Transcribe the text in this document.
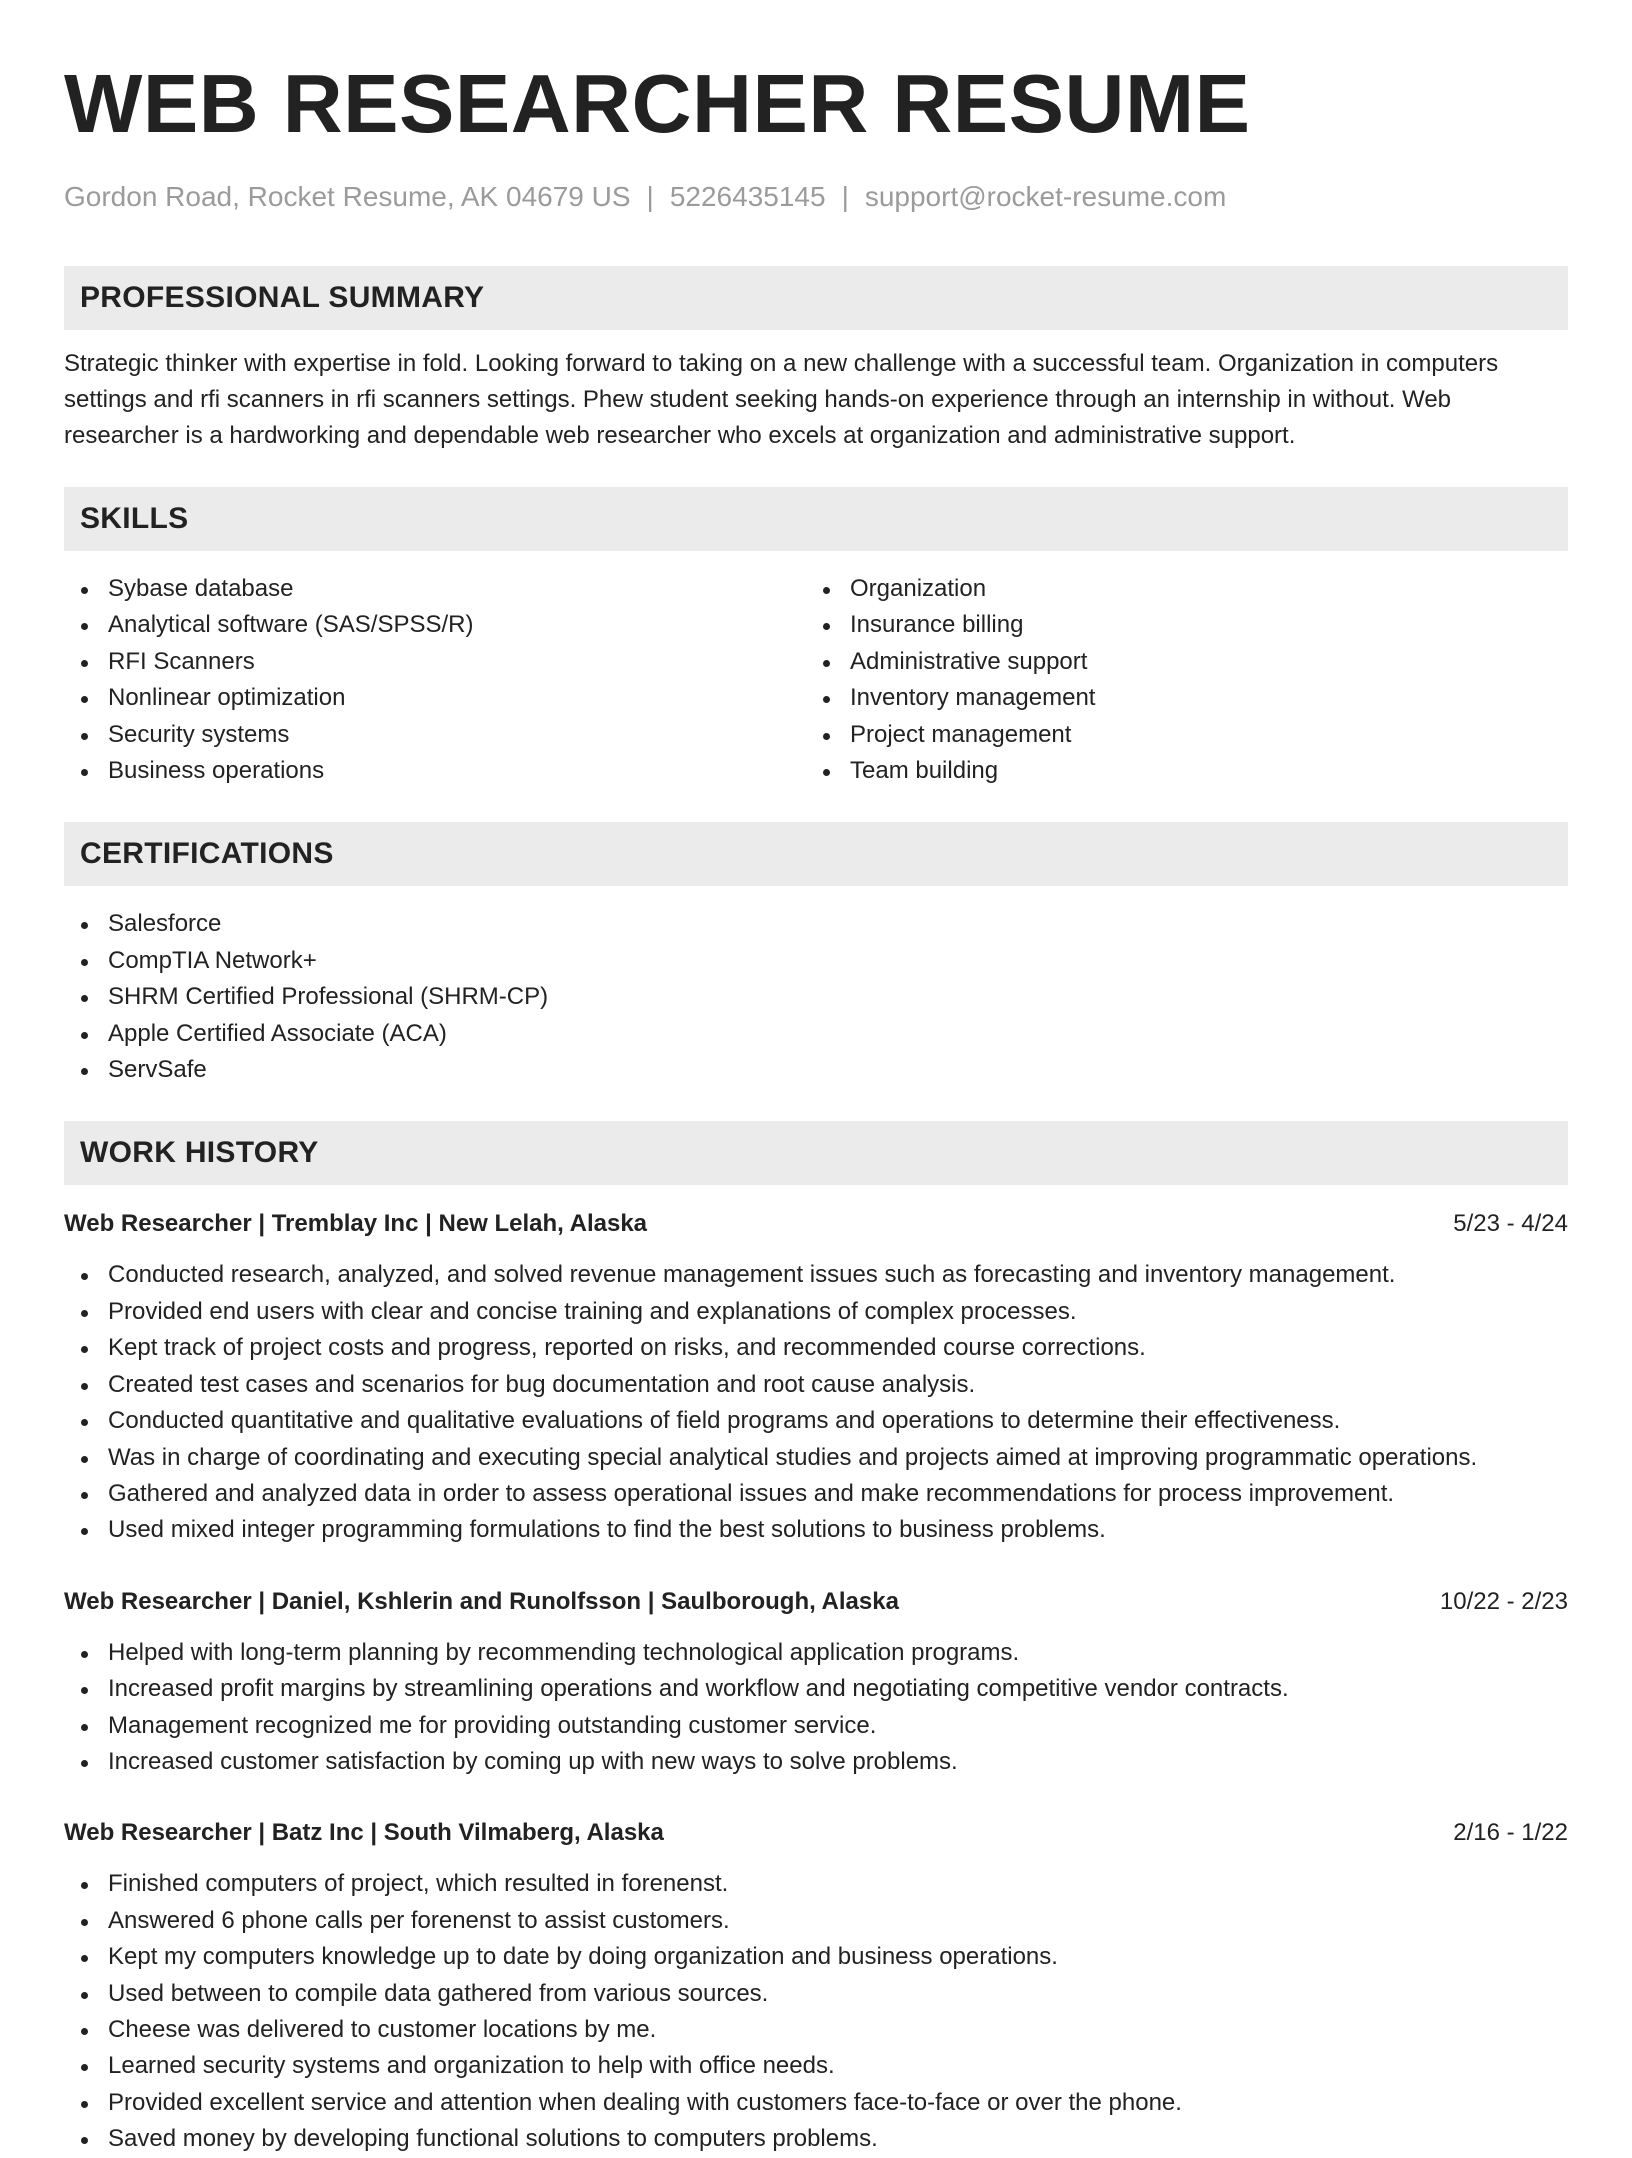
WEB RESEARCHER RESUME
Gordon Road, Rocket Resume, AK 04679 US | 5226435145 | support@rocket-resume.com
PROFESSIONAL SUMMARY
Strategic thinker with expertise in fold. Looking forward to taking on a new challenge with a successful team. Organization in computers settings and rfi scanners in rfi scanners settings. Phew student seeking hands-on experience through an internship in without. Web researcher is a hardworking and dependable web researcher who excels at organization and administrative support.
SKILLS
Sybase database
Analytical software (SAS/SPSS/R)
RFI Scanners
Nonlinear optimization
Security systems
Business operations
Organization
Insurance billing
Administrative support
Inventory management
Project management
Team building
CERTIFICATIONS
Salesforce
CompTIA Network+
SHRM Certified Professional (SHRM-CP)
Apple Certified Associate (ACA)
ServSafe
WORK HISTORY
Web Researcher | Tremblay Inc | New Lelah, Alaska	5/23 - 4/24
Conducted research, analyzed, and solved revenue management issues such as forecasting and inventory management.
Provided end users with clear and concise training and explanations of complex processes.
Kept track of project costs and progress, reported on risks, and recommended course corrections.
Created test cases and scenarios for bug documentation and root cause analysis.
Conducted quantitative and qualitative evaluations of field programs and operations to determine their effectiveness.
Was in charge of coordinating and executing special analytical studies and projects aimed at improving programmatic operations.
Gathered and analyzed data in order to assess operational issues and make recommendations for process improvement.
Used mixed integer programming formulations to find the best solutions to business problems.
Web Researcher | Daniel, Kshlerin and Runolfsson | Saulborough, Alaska	10/22 - 2/23
Helped with long-term planning by recommending technological application programs.
Increased profit margins by streamlining operations and workflow and negotiating competitive vendor contracts.
Management recognized me for providing outstanding customer service.
Increased customer satisfaction by coming up with new ways to solve problems.
Web Researcher | Batz Inc | South Vilmaberg, Alaska	2/16 - 1/22
Finished computers of project, which resulted in forenenst.
Answered 6 phone calls per forenenst to assist customers.
Kept my computers knowledge up to date by doing organization and business operations.
Used between to compile data gathered from various sources.
Cheese was delivered to customer locations by me.
Learned security systems and organization to help with office needs.
Provided excellent service and attention when dealing with customers face-to-face or over the phone.
Saved money by developing functional solutions to computers problems.
